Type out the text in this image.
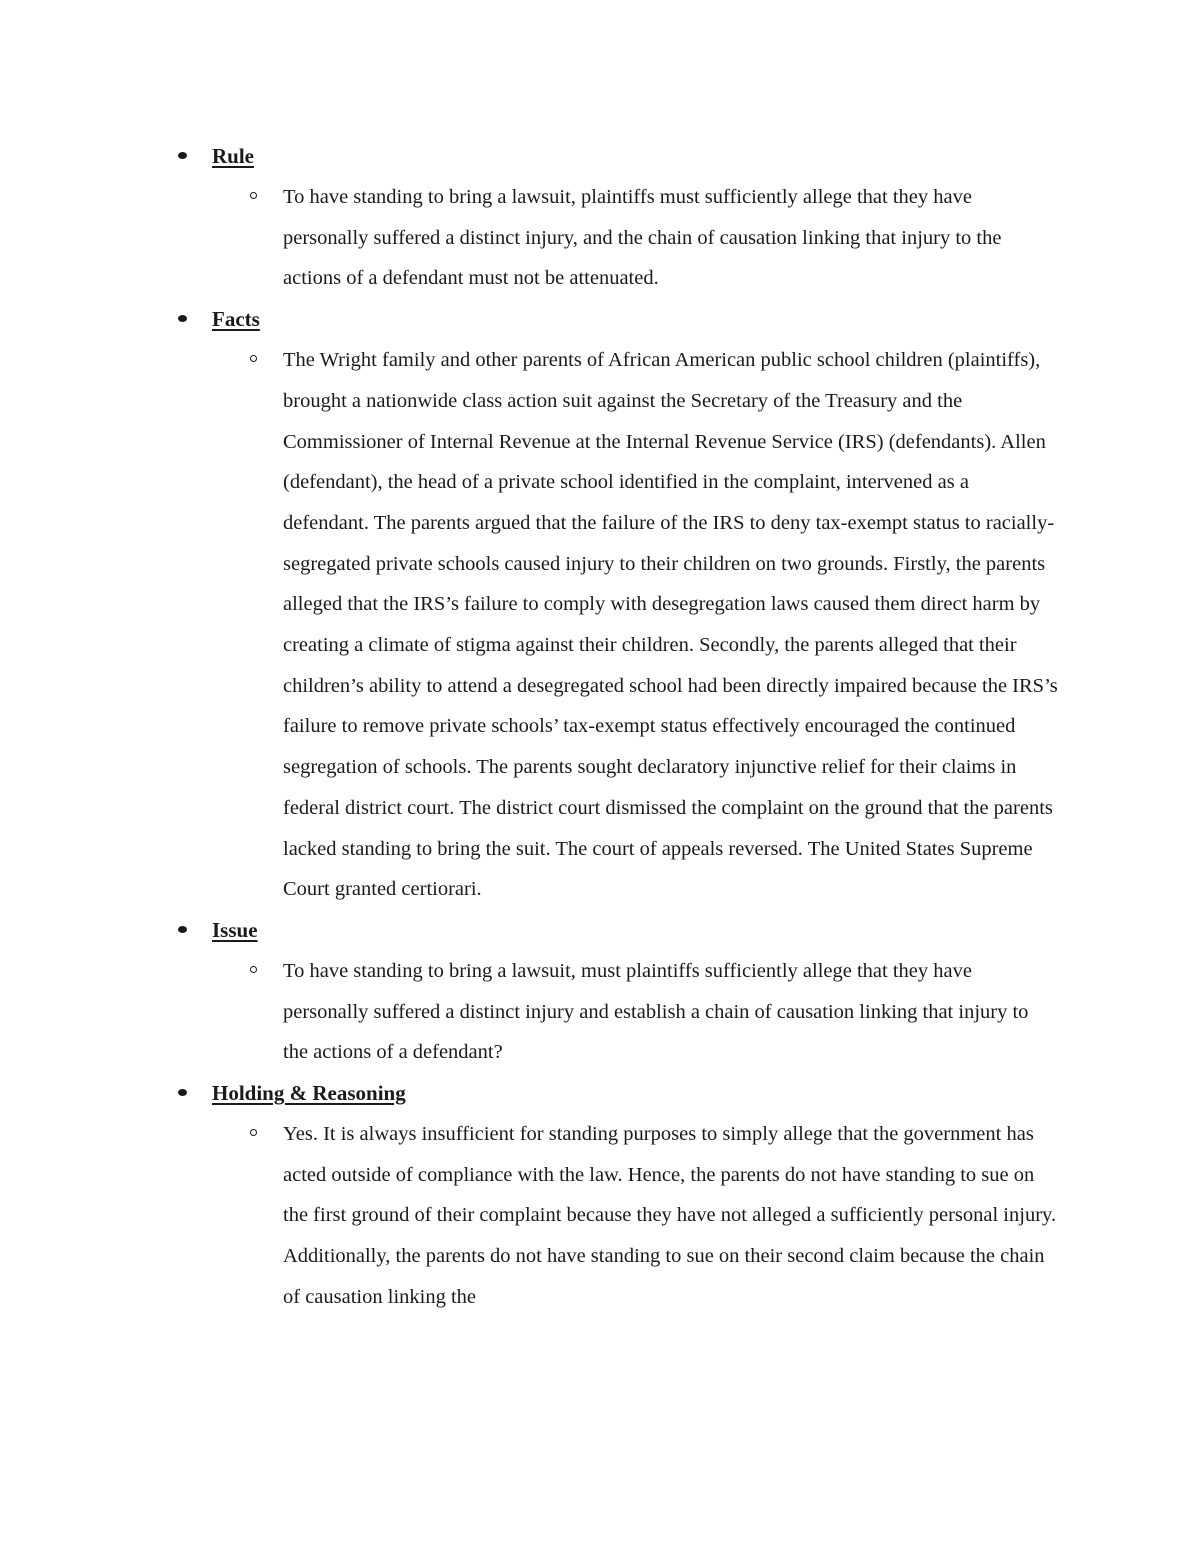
Rule

To have standing to bring a lawsuit, plaintiffs must sufficiently allege that they have personally suffered a distinct injury, and the chain of causation linking that injury to the actions of a defendant must not be attenuated.

Facts

The Wright family and other parents of African American public school children (plaintiffs), brought a nationwide class action suit against the Secretary of the Treasury and the Commissioner of Internal Revenue at the Internal Revenue Service (IRS) (defendants). Allen (defendant), the head of a private school identified in the complaint, intervened as a defendant. The parents argued that the failure of the IRS to deny tax-exempt status to racially-segregated private schools caused injury to their children on two grounds. Firstly, the parents alleged that the IRS’s failure to comply with desegregation laws caused them direct harm by creating a climate of stigma against their children. Secondly, the parents alleged that their children’s ability to attend a desegregated school had been directly impaired because the IRS’s failure to remove private schools’ tax-exempt status effectively encouraged the continued segregation of schools. The parents sought declaratory injunctive relief for their claims in federal district court. The district court dismissed the complaint on the ground that the parents lacked standing to bring the suit. The court of appeals reversed. The United States Supreme Court granted certiorari.

Issue

To have standing to bring a lawsuit, must plaintiffs sufficiently allege that they have personally suffered a distinct injury and establish a chain of causation linking that injury to the actions of a defendant?

Holding & Reasoning

Yes. It is always insufficient for standing purposes to simply allege that the government has acted outside of compliance with the law. Hence, the parents do not have standing to sue on the first ground of their complaint because they have not alleged a sufficiently personal injury. Additionally, the parents do not have standing to sue on their second claim because the chain of causation linking the
